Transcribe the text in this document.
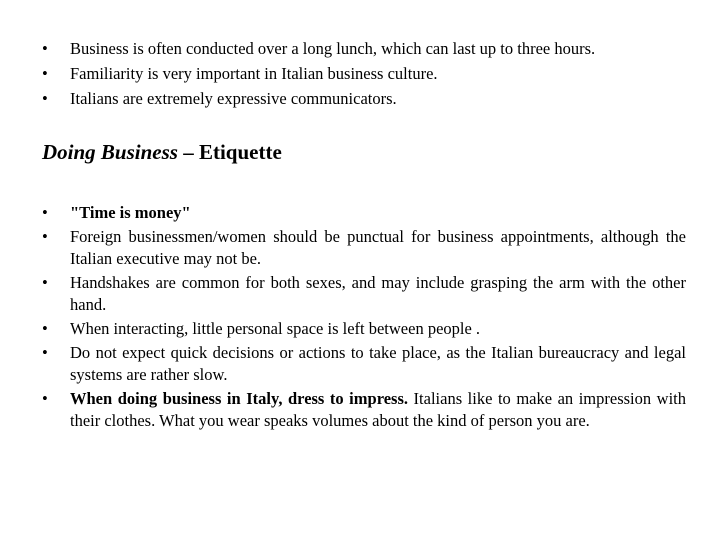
•	Business is often conducted over a long lunch, which can last up to three hours.
•	Familiarity is very important in Italian business culture.
•	Italians are extremely expressive communicators.
Doing Business – Etiquette
•	"Time is money"
•	Foreign businessmen/women should be punctual for business appointments, although the Italian executive may not be.
•	Handshakes are common for both sexes, and may include grasping the arm with the other hand.
•	When interacting, little personal space is left between people .
•	Do not expect quick decisions or actions to take place, as the Italian bureaucracy and legal systems are rather slow.
•	When doing business in Italy, dress to impress. Italians like to make an impression with their clothes. What you wear speaks volumes about the kind of person you are.
